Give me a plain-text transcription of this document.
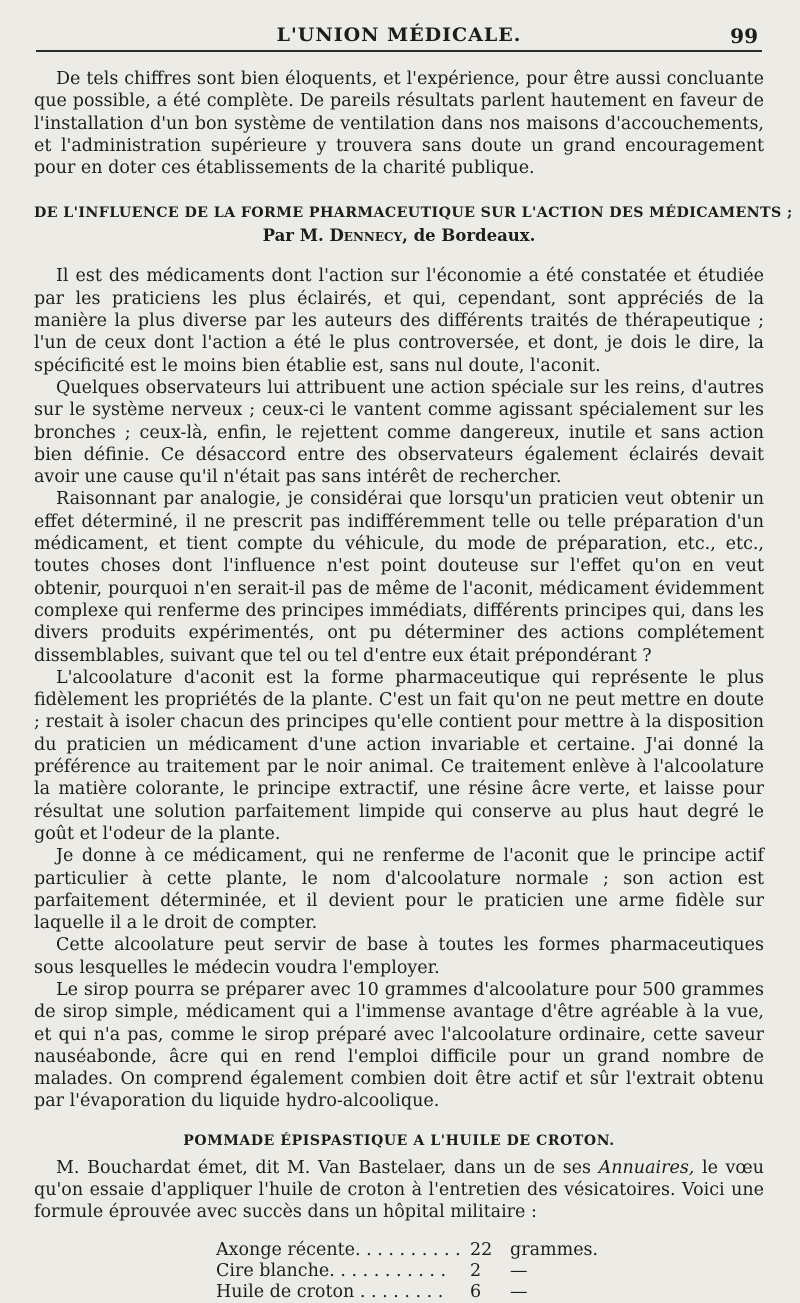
L'UNION MÉDICALE.	99

De tels chiffres sont bien éloquents, et l'expérience, pour être aussi concluante que possible, a été complète. De pareils résultats parlent hautement en faveur de l'installation d'un bon système de ventilation dans nos maisons d'accouchements, et l'administration supérieure y trouvera sans doute un grand encouragement pour en doter ces établissements de la charité publique.

DE L'INFLUENCE DE LA FORME PHARMACEUTIQUE SUR L'ACTION DES MÉDICAMENTS ;
Par M. Dennecy, de Bordeaux.

Il est des médicaments dont l'action sur l'économie a été constatée et étudiée par les praticiens les plus éclairés, et qui, cependant, sont appréciés de la manière la plus diverse par les auteurs des différents traités de thérapeutique ; l'un de ceux dont l'action a été le plus controversée, et dont, je dois le dire, la spécificité est le moins bien établie est, sans nul doute, l'aconit.

Quelques observateurs lui attribuent une action spéciale sur les reins, d'autres sur le système nerveux ; ceux-ci le vantent comme agissant spécialement sur les bronches ; ceux-là, enfin, le rejettent comme dangereux, inutile et sans action bien définie. Ce désaccord entre des observateurs également éclairés devait avoir une cause qu'il n'était pas sans intérêt de rechercher.

Raisonnant par analogie, je considérai que lorsqu'un praticien veut obtenir un effet déterminé, il ne prescrit pas indifféremment telle ou telle préparation d'un médicament, et tient compte du véhicule, du mode de préparation, etc., etc., toutes choses dont l'influence n'est point douteuse sur l'effet qu'on en veut obtenir, pourquoi n'en serait-il pas de même de l'aconit, médicament évidemment complexe qui renferme des principes immédiats, différents principes qui, dans les divers produits expérimentés, ont pu déterminer des actions complétement dissemblables, suivant que tel ou tel d'entre eux était prépondérant ?

L'alcoolature d'aconit est la forme pharmaceutique qui représente le plus fidèlement les propriétés de la plante. C'est un fait qu'on ne peut mettre en doute ; restait à isoler chacun des principes qu'elle contient pour mettre à la disposition du praticien un médicament d'une action invariable et certaine. J'ai donné la préférence au traitement par le noir animal. Ce traitement enlève à l'alcoolature la matière colorante, le principe extractif, une résine âcre verte, et laisse pour résultat une solution parfaitement limpide qui conserve au plus haut degré le goût et l'odeur de la plante.

Je donne à ce médicament, qui ne renferme de l'aconit que le principe actif particulier à cette plante, le nom d'alcoolature normale ; son action est parfaitement déterminée, et il devient pour le praticien une arme fidèle sur laquelle il a le droit de compter.

Cette alcoolature peut servir de base à toutes les formes pharmaceutiques sous lesquelles le médecin voudra l'employer.

Le sirop pourra se préparer avec 10 grammes d'alcoolature pour 500 grammes de sirop simple, médicament qui a l'immense avantage d'être agréable à la vue, et qui n'a pas, comme le sirop préparé avec l'alcoolature ordinaire, cette saveur nauséabonde, âcre qui en rend l'emploi difficile pour un grand nombre de malades. On comprend également combien doit être actif et sûr l'extrait obtenu par l'évaporation du liquide hydro-alcoolique.

POMMADE ÉPISPASTIQUE A L'HUILE DE CROTON.

M. Bouchardat émet, dit M. Van Bastelaer, dans un de ses Annuaires, le vœu qu'on essaie d'appliquer l'huile de croton à l'entretien des vésicatoires. Voici une formule éprouvée avec succès dans un hôpital militaire :

Axonge récente. . . . . . . . . . 22	grammes.
Cire blanche. . . . . . . . . . .	2	—
Huile de croton . . . . . . . .	6	—
